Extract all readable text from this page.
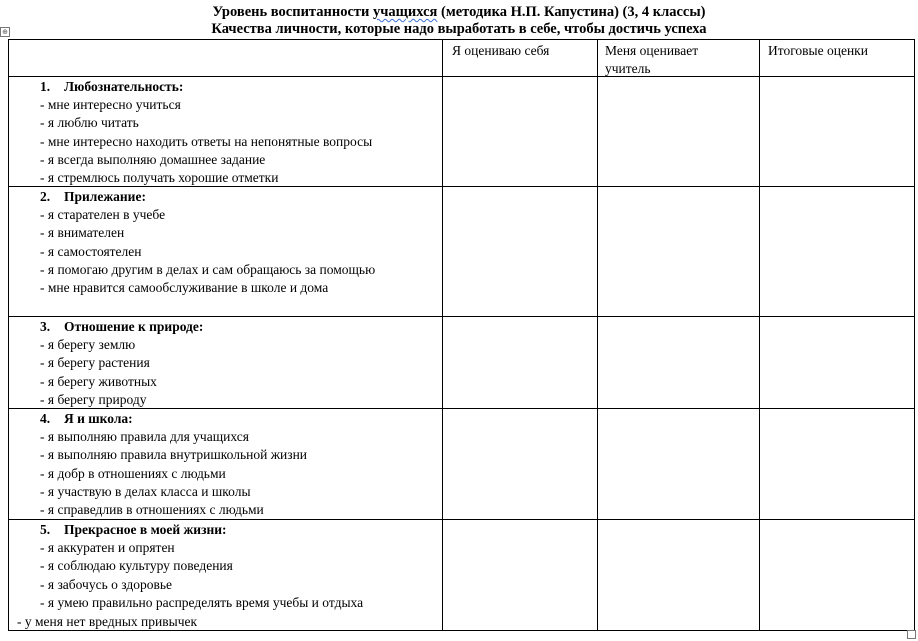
Уровень воспитанности учащихся (методика Н.П. Капустина) (3, 4 классы)
Качества личности, которые надо выработать в себе, чтобы достичь успеха
⊕
Я оцениваю себя	Меня оценивает учитель
Итоговые оценки
1. Любознательность:
- мне интересно учиться
- я люблю читать
- мне интересно находить ответы на непонятные вопросы
- я всегда выполняю домашнее задание
- я стремлюсь получать хорошие отметки
2. Прилежание:
- я старателен в учебе
- я внимателен
- я самостоятелен
- я помогаю другим в делах и сам обращаюсь за помощью
- мне нравится самообслуживание в школе и дома
3. Отношение к природе:
- я берегу землю
- я берегу растения
- я берегу животных
- я берегу природу
4. Я и школа:
- я выполняю правила для учащихся
- я выполняю правила внутришкольной жизни
- я добр в отношениях с людьми
- я участвую в делах класса и школы
- я справедлив в отношениях с людьми
5. Прекрасное в моей жизни:
- я аккуратен и опрятен
- я соблюдаю культуру поведения
- я забочусь о здоровье
- я умею правильно распределять время учебы и отдыха
- у меня нет вредных привычек
